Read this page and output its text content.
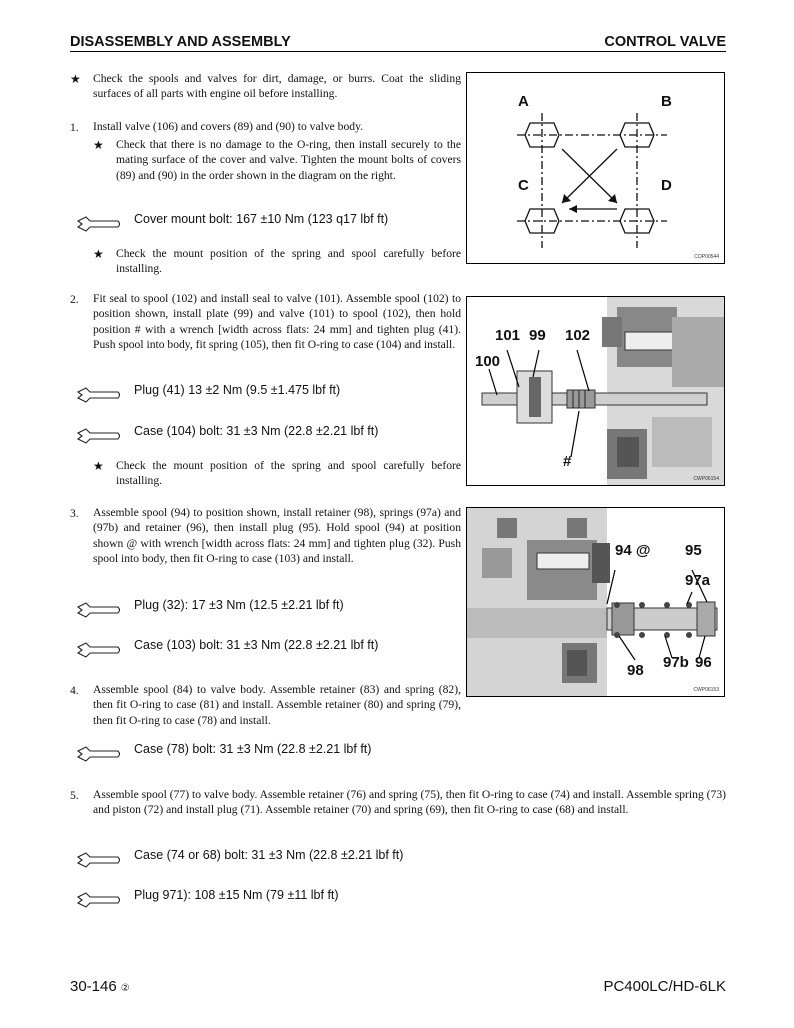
DISASSEMBLY AND ASSEMBLY	CONTROL VALVE
★ Check the spools and valves for dirt, damage, or burrs. Coat the sliding surfaces of all parts with engine oil before installing.
1. Install valve (106) and covers (89) and (90) to valve body.
★ Check that there is no damage to the O-ring, then install securely to the mating surface of the cover and valve. Tighten the mount bolts of covers (89) and (90) in the order shown in the diagram on the right.
Cover mount bolt: 167 ±10 Nm (123 q17 lbf ft)
★ Check the mount position of the spring and spool carefully before installing.
A	B
C	D
COP00544
2. Fit seal to spool (102) and install seal to valve (101). Assemble spool (102) to position shown, install plate (99) and valve (101) to spool (102), then hold position # with a wrench [width across flats: 24 mm] and tighten plug (41). Push spool into body, fit spring (105), then fit O-ring to case (104) and install.
Plug (41) 13 ±2 Nm (9.5 ±1.475 lbf ft)
Case (104) bolt: 31 ±3 Nm (22.8 ±2.21 lbf ft)
★ Check the mount position of the spring and spool carefully before installing.
101 99 102
100
#
CWP06154
3. Assemble spool (94) to position shown, install retainer (98), springs (97a) and (97b) and retainer (96), then install plug (95). Hold spool (94) at position shown @ with wrench [width across flats: 24 mm] and tighten plug (32). Push spool into body, then fit O-ring to case (103) and install.
Plug (32): 17 ±3 Nm (12.5 ±2.21 lbf ft)
Case (103) bolt: 31 ±3 Nm (22.8 ±2.21 lbf ft)
94 @ 95
97a
98 97b 96
CWP06153
4. Assemble spool (84) to valve body. Assemble retainer (83) and spring (82), then fit O-ring to case (81) and install. Assemble retainer (80) and spring (79), then fit O-ring to case (78) and install.
Case (78) bolt: 31 ±3 Nm (22.8 ±2.21 lbf ft)
5. Assemble spool (77) to valve body. Assemble retainer (76) and spring (75), then fit O-ring to case (74) and install. Assemble spring (73) and piston (72) and install plug (71). Assemble retainer (70) and spring (69), then fit O-ring to case (68) and install.
Case (74 or 68) bolt: 31 ±3 Nm (22.8 ±2.21 lbf ft)
Plug 971): 108 ±15 Nm (79 ±11 lbf ft)
30-146 ②	PC400LC/HD-6LK
